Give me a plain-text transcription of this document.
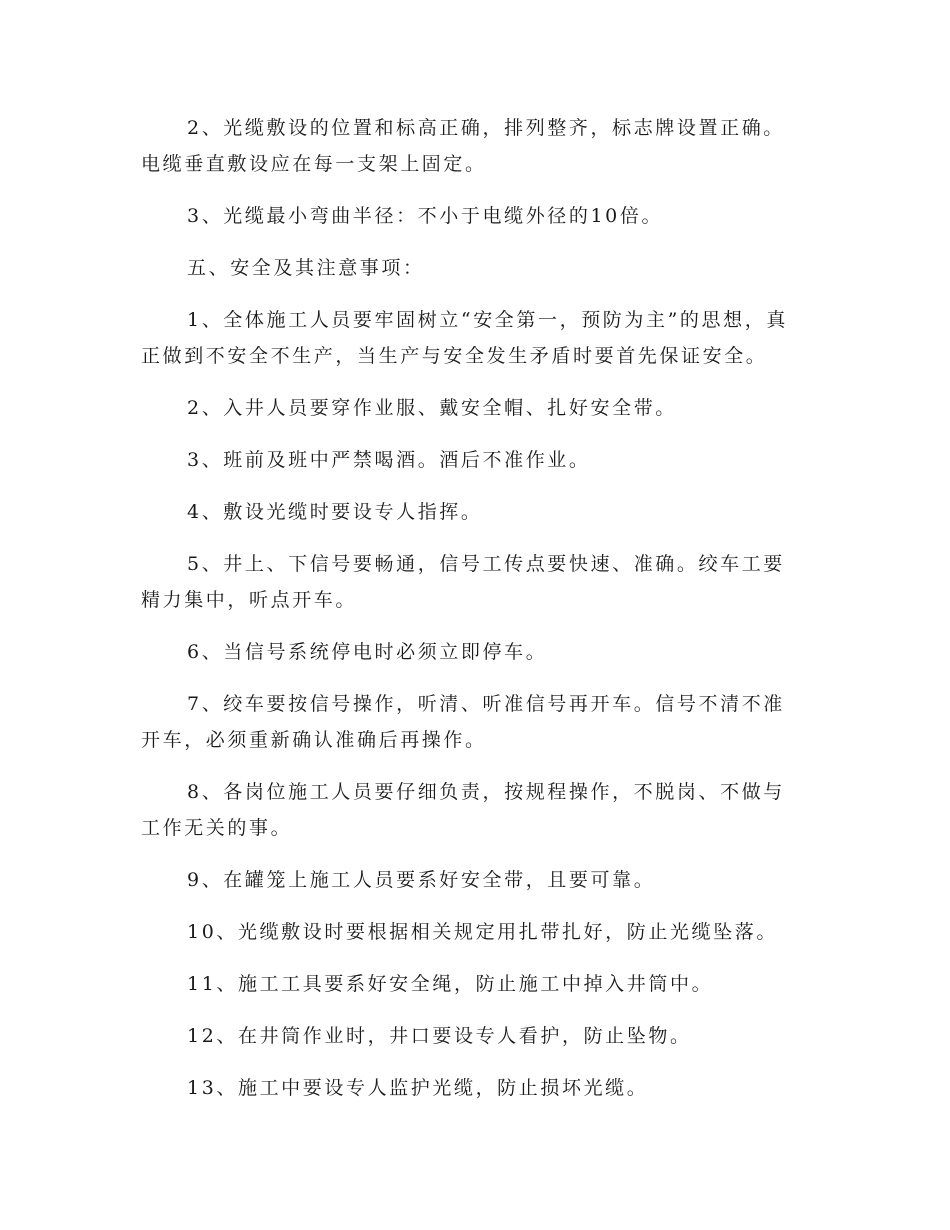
2、光缆敷设的位置和标高正确，排列整齐，标志牌设置正确。电缆垂直敷设应在每一支架上固定。

3、光缆最小弯曲半径：不小于电缆外径的10倍。

五、安全及其注意事项：

1、全体施工人员要牢固树立“安全第一，预防为主”的思想，真正做到不安全不生产，当生产与安全发生矛盾时要首先保证安全。

2、入井人员要穿作业服、戴安全帽、扎好安全带。

3、班前及班中严禁喝酒。酒后不准作业。

4、敷设光缆时要设专人指挥。

5、井上、下信号要畅通，信号工传点要快速、准确。绞车工要精力集中，听点开车。

6、当信号系统停电时必须立即停车。

7、绞车要按信号操作，听清、听准信号再开车。信号不清不准开车，必须重新确认准确后再操作。

8、各岗位施工人员要仔细负责，按规程操作，不脱岗、不做与工作无关的事。

9、在罐笼上施工人员要系好安全带，且要可靠。

10、光缆敷设时要根据相关规定用扎带扎好，防止光缆坠落。

11、施工工具要系好安全绳，防止施工中掉入井筒中。

12、在井筒作业时，井口要设专人看护，防止坠物。

13、施工中要设专人监护光缆，防止损坏光缆。
